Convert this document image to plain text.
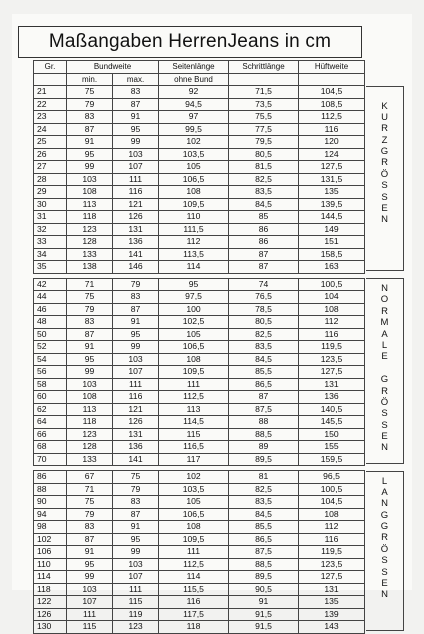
Maßangaben HerrenJeans in cm
Gr.	Bundweite		Seitenlänge	Schrittlänge	Hüftweite
	min.	max.	ohne Bund		
21	75	83	92	71,5	104,5
22	79	87	94,5	73,5	108,5
23	83	91	97	75,5	112,5
24	87	95	99,5	77,5	116
25	91	99	102	79,5	120
26	95	103	103,5	80,5	124
27	99	107	105	81,5	127,5
28	103	111	106,5	82,5	131,5
29	108	116	108	83,5	135
30	113	121	109,5	84,5	139,5
31	118	126	110	85	144,5
32	123	131	111,5	86	149
33	128	136	112	86	151
34	133	141	113,5	87	158,5
35	138	146	114	87	163

42	71	79	95	74	100,5
44	75	83	97,5	76,5	104
46	79	87	100	78,5	108
48	83	91	102,5	80,5	112
50	87	95	105	82,5	116
52	91	99	106,5	83,5	119,5
54	95	103	108	84,5	123,5
56	99	107	109,5	85,5	127,5
58	103	111	111	86,5	131
60	108	116	112,5	87	136
62	113	121	113	87,5	140,5
64	118	126	114,5	88	145,5
66	123	131	115	88,5	150
68	128	136	116,5	89	155
70	133	141	117	89,5	159,5

86	67	75	102	81	96,5
88	71	79	103,5	82,5	100,5
90	75	83	105	83,5	104,5
94	79	87	106,5	84,5	108
98	83	91	108	85,5	112
102	87	95	109,5	86,5	116
106	91	99	111	87,5	119,5
110	95	103	112,5	88,5	123,5
114	99	107	114	89,5	127,5
118	103	111	115,5	90,5	131
122	107	115	116	91	135
126	111	119	117,5	91,5	139
130	115	123	118	91,5	143
K
U
R
Z
G
R
Ö
S
S
E
N
N
O
R
M
A
L
E
G
R
Ö
S
S
E
N
L
A
N
G
G
R
Ö
S
S
E
N
